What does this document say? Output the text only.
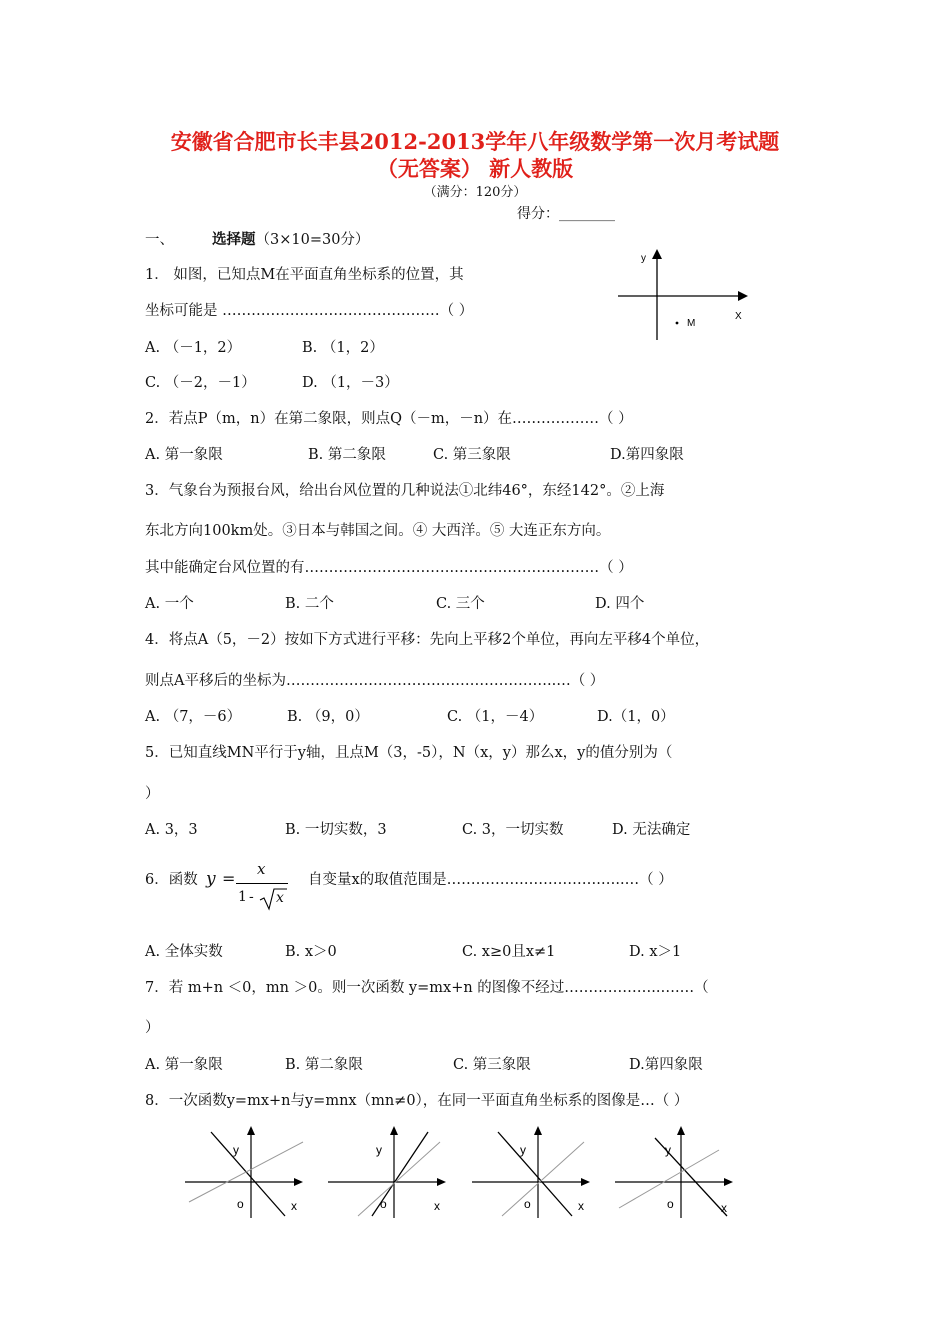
安徽省合肥市长丰县2012-2013学年八年级数学第一次月考试题
（无答案） 新人教版
（满分：120分）
得分：________
一、	选择题（3×10=30分）
1． 如图，已知点M在平面直角坐标系的位置，其
坐标可能是 ………………………………………（ ）
A. （－1，2）	B. （1，2）
C. （－2，－1）	D. （1，－3）
y
X
M
2．若点P（m，n）在第二象限，则点Q（－m，－n）在………………（ ）
A. 第一象限	B. 第二象限	C. 第三象限	D.第四象限
3．气象台为预报台风，给出台风位置的几种说法①北纬46°，东经142°。②上海
东北方向100km处。③日本与韩国之间。④ 大西洋。⑤ 大连正东方向。
其中能确定台风位置的有………………………….…………………………（ ）
A. 一个	B. 二个	C. 三个	D. 四个
4．将点A（5，－2）按如下方式进行平移：先向上平移2个单位，再向左平移4个单位，
则点A平移后的坐标为………………………………………………..…（ ）
A. （7，－6）	B. （9，0）	C. （1，－4）	D.（1，0）
5．已知直线MN平行于y轴，且点M（3，-5），N（x，y）那么x，y的值分别为（
）
A. 3，3	B. 一切实数，3	C. 3，一切实数	D. 无法确定
6．函数 y = x
1 - x
自变量x的取值范围是…………….…………….…..…（ ）
A. 全体实数	B. x＞0	C. x≥0且x≠1	D. x＞1
7．若 m+n ＜0，mn ＞0。则一次函数 y=mx+n 的图像不经过………………..….…（
）
A. 第一象限	B. 第二象限	C. 第三象限	D.第四象限
8．一次函数y=mx+n与y=mnx（mn≠0），在同一平面直角坐标系的图像是…（ ）
y
o	x
y
o	x
y
o	x
y
o	x
